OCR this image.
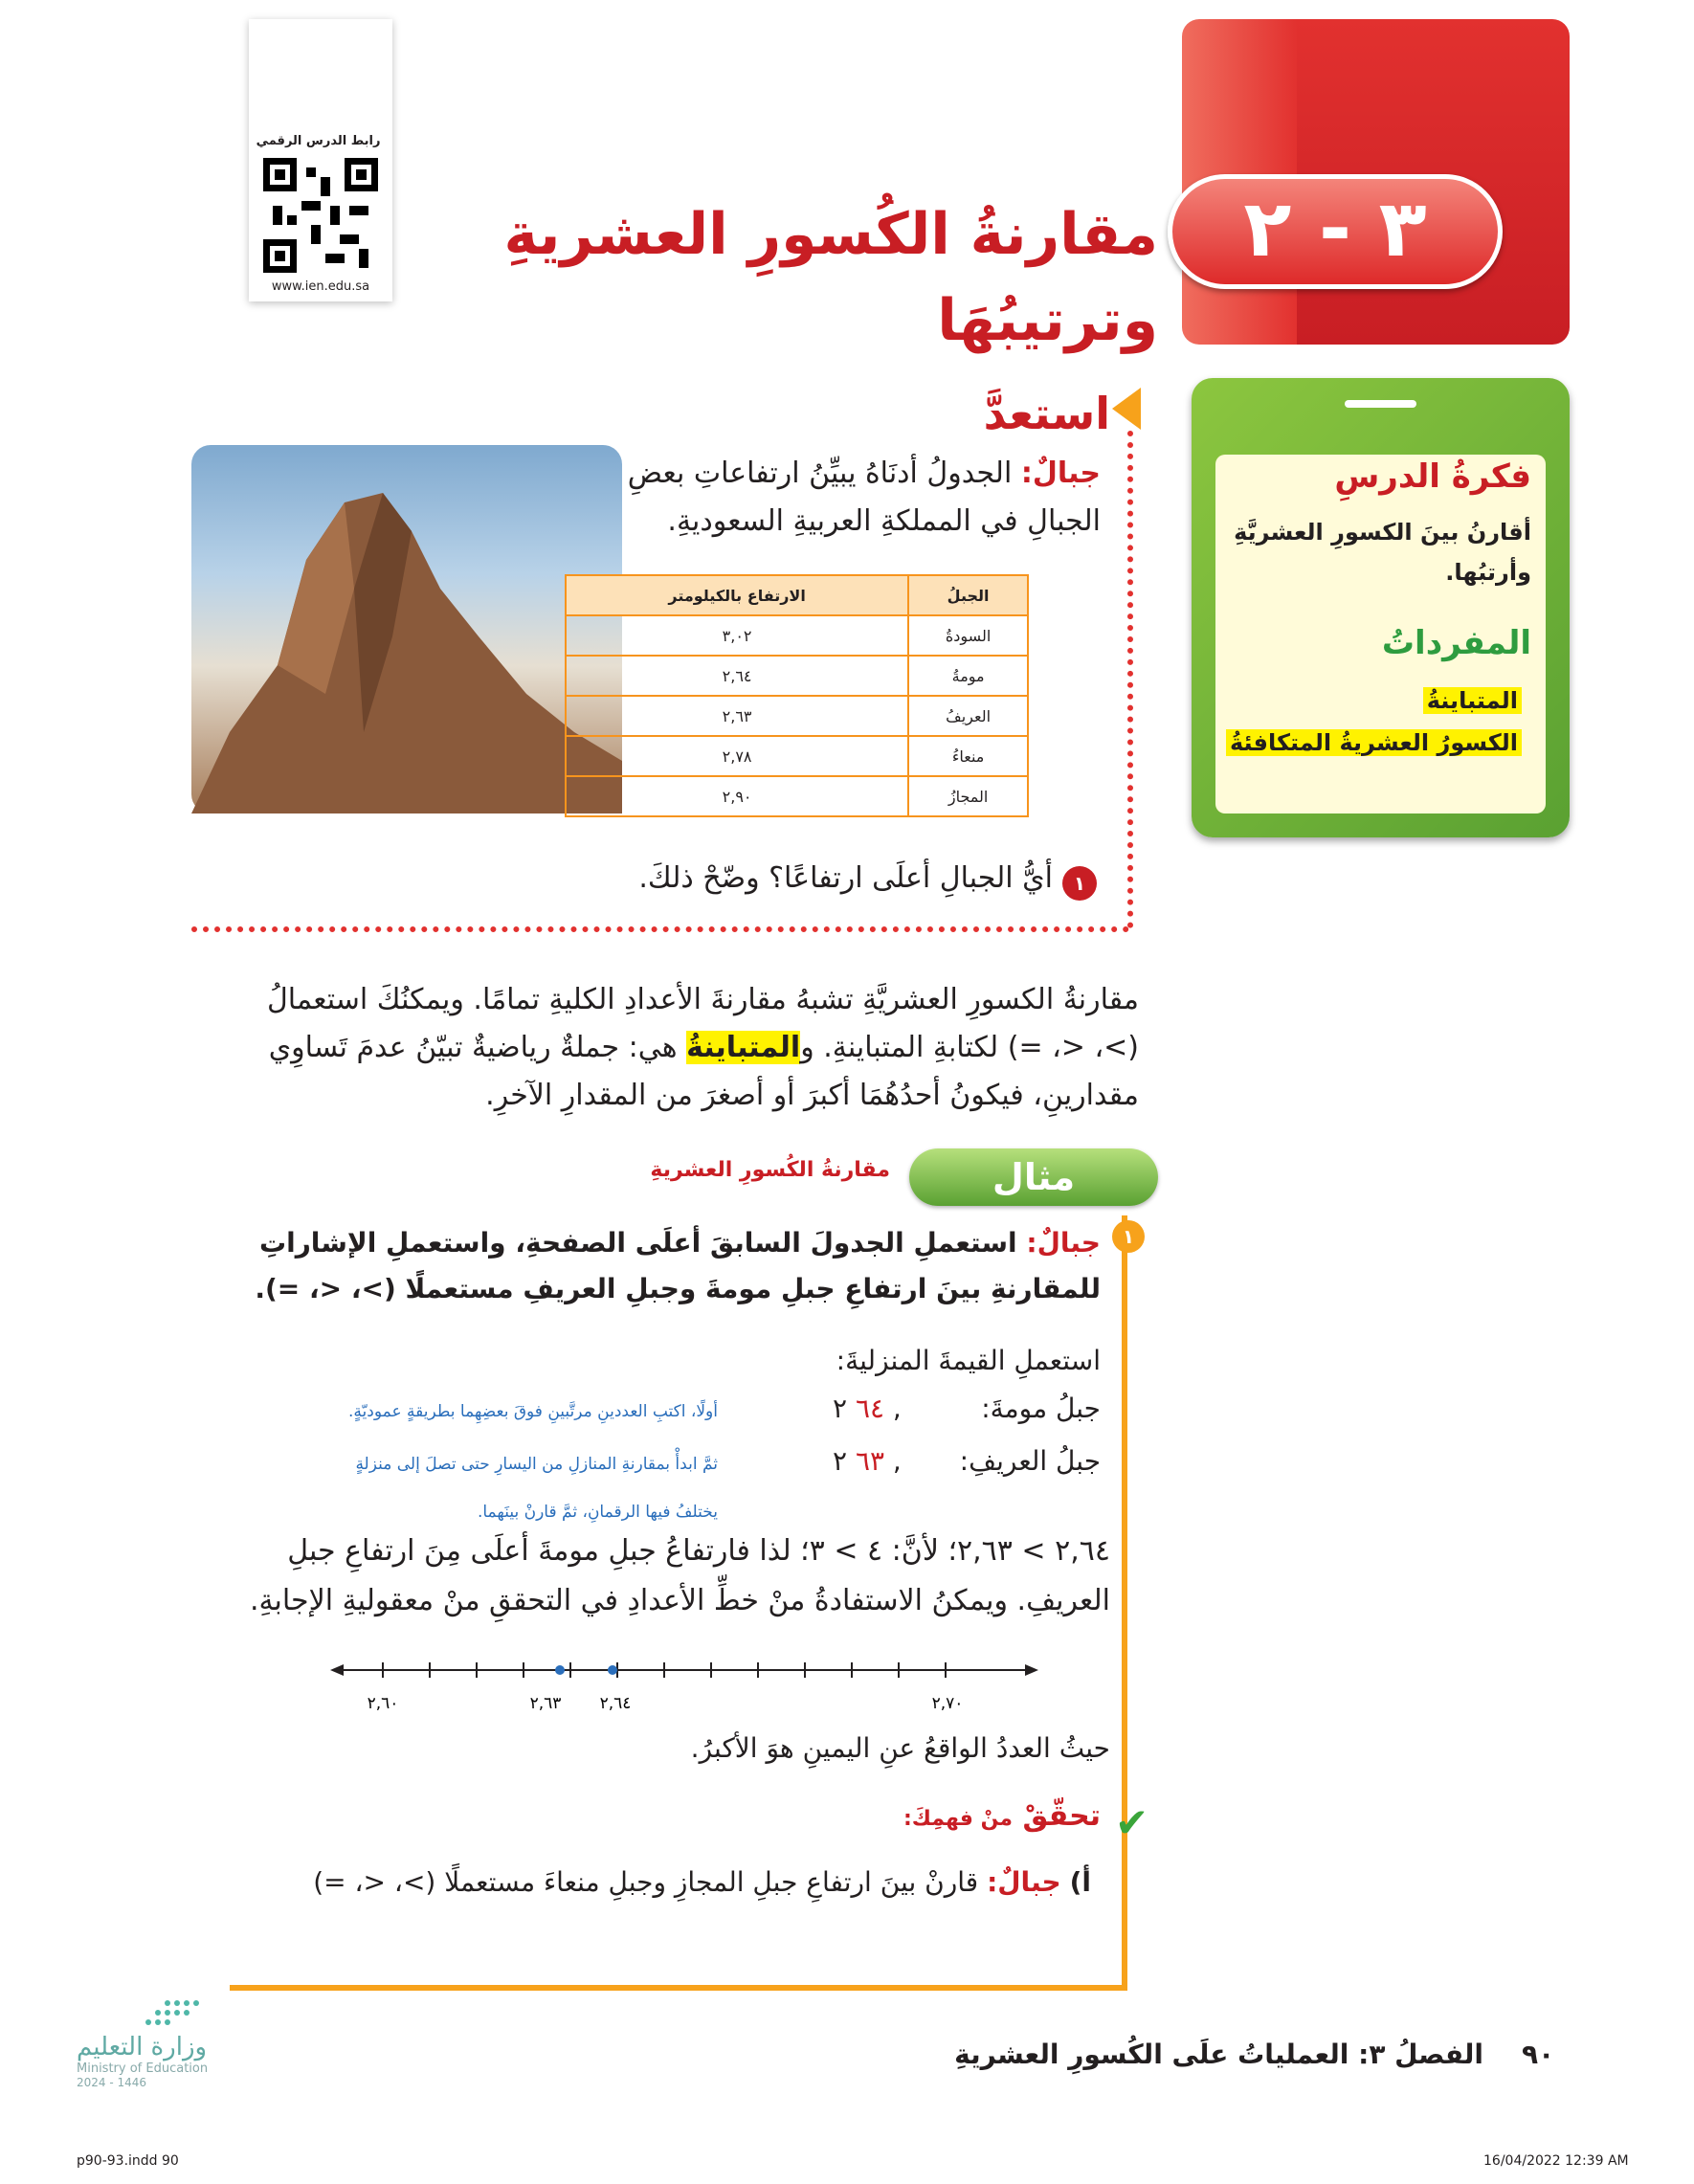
٣ - ٢
مقارنةُ الكُسورِ العشريةِ وترتيبُهَا
رابط الدرس الرقمي
www.ien.edu.sa
فكرةُ الدرسِ
أقارنُ بينَ الكسورِ العشريَّةِ وأرتبُها.
المفرداتُ
المتباينةُ
الكسورُ العشريةُ المتكافئةُ
استعدَّ
جبالٌ: الجدولُ أدنَاهُ يبيِّنُ ارتفاعاتِ بعضِ الجبالِ في المملكةِ العربيةِ السعوديةِ.
الجبلُ	الارتفاع بالكيلومتر
السودةُ	٣,٠٢
مومةُ	٢,٦٤
العريفُ	٢,٦٣
منعاءُ	٢,٧٨
المجازُ	٢,٩٠
١
أيُّ الجبالِ أعلَى ارتفاعًا؟ وضّحْ ذلكَ.
مقارنةُ الكسورِ العشريَّةِ تشبهُ مقارنةَ الأعدادِ الكليةِ تمامًا. ويمكنُكَ استعمالُ (>، <، =) لكتابةِ المتباينةِ. والمتباينةُ هي: جملةٌ رياضيةٌ تبيّنُ عدمَ تَساوِي مقدارينِ، فيكونُ أحدُهُمَا أكبرَ أو أصغرَ من المقدارِ الآخرِ.
مثال
مقارنةُ الكُسورِ العشريةِ
١
جبالٌ: استعملِ الجدولَ السابقَ أعلَى الصفحةِ، واستعملِ الإشاراتِ للمقارنةِ بينَ ارتفاعِ جبلِ مومةَ وجبلِ العريفِ مستعملًا (>، <، =).
استعملِ القيمةَ المنزليةَ:
جبلُ مومةَ:
٦٤ ٢ ,
جبلُ العريفِ:
٦٣ ٢ ,
أولًا، اكتبِ العددينِ مرتَّبينِ فوقَ بعضِهِما بطريقةٍ عموديّةٍ.
ثمَّ ابدأْ بمقارنةِ المنازلِ من اليسارِ حتى تصلَ إلى منزلةٍ
يختلفُ فيها الرقمانِ، ثمَّ قارنْ بينَهما.
٢,٦٤ > ٢,٦٣؛ لأنَّ: ٤ > ٣؛ لذا فارتفاعُ جبلِ مومةَ أعلَى مِنَ ارتفاعِ جبلِ العريفِ. ويمكنُ الاستفادةُ منْ خطِّ الأعدادِ في التحققِ منْ معقوليةِ الإجابةِ.
٢,٦٠	٢,٦٣ ٢,٦٤	٢,٧٠
حيثُ العددُ الواقعُ عنِ اليمينِ هوَ الأكبرُ.
✔
تحقّقْ منْ فهمِكَ:
أ) جبالٌ: قارنْ بينَ ارتفاعِ جبلِ المجازِ وجبلِ منعاءَ مستعملًا (>، <، =)
الفصلُ ٣: العملياتُ علَى الكُسورِ العشريةِ ٩٠
وزارة التعليم
Ministry of Education
2024 - 1446
p90-93.indd 90	16/04/2022 12:39 AM
